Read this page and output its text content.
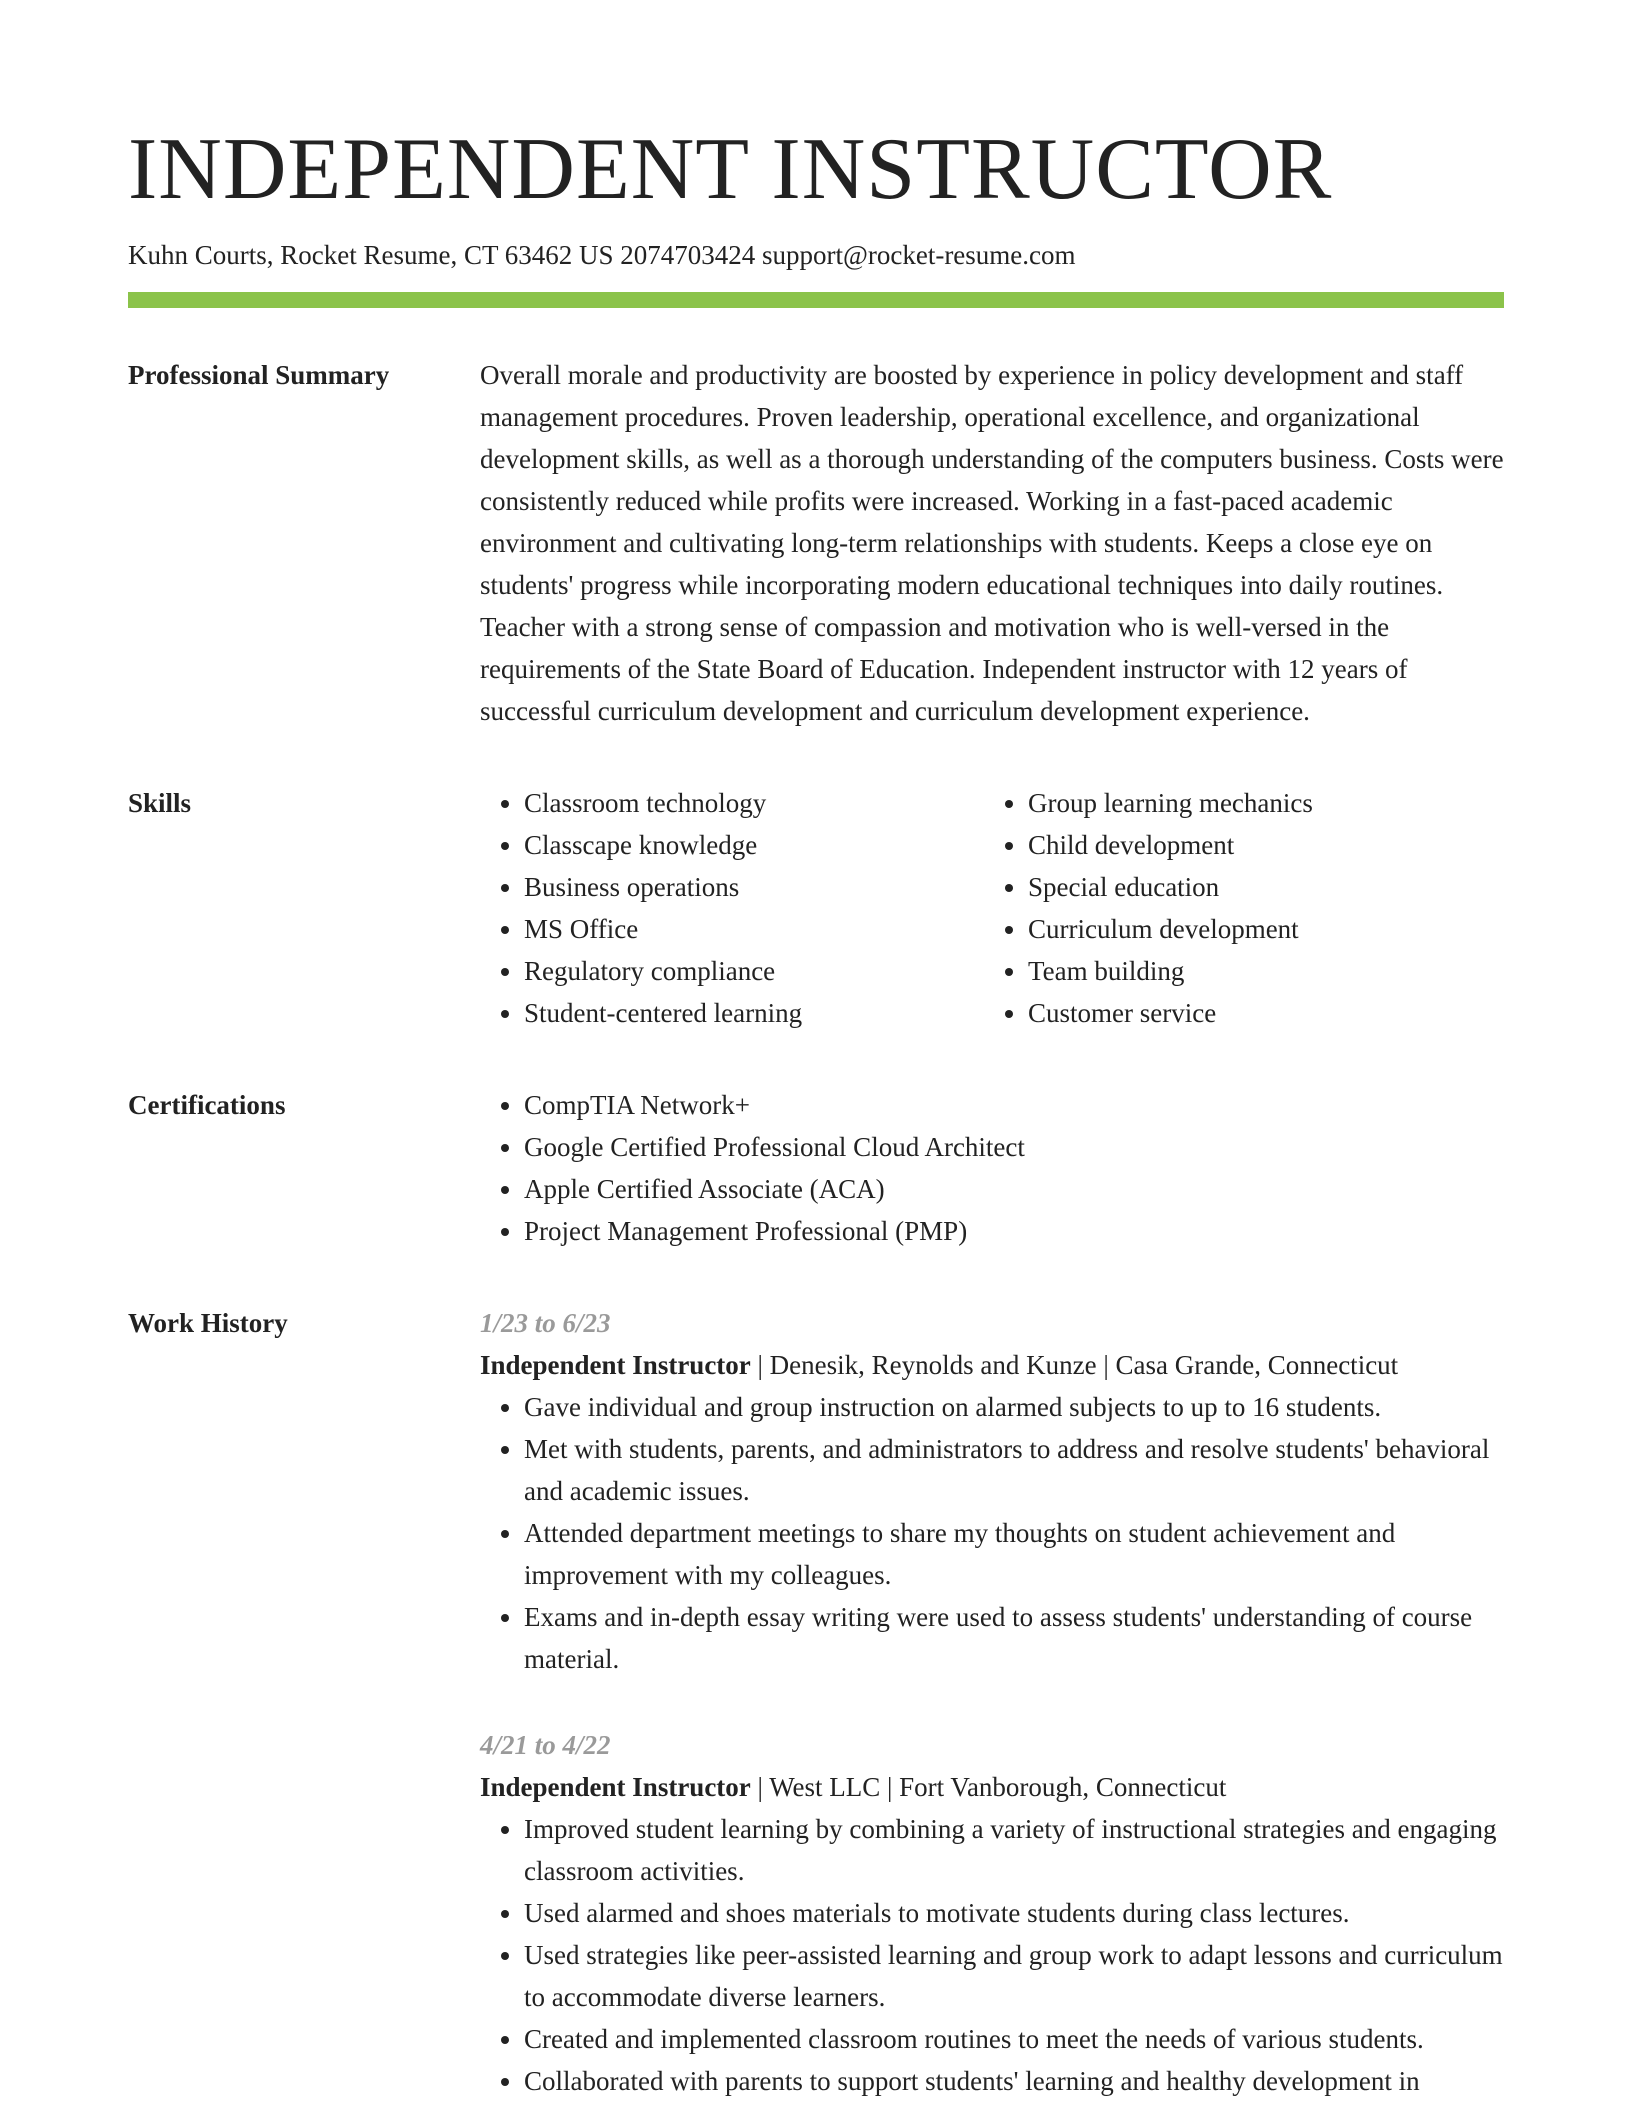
INDEPENDENT INSTRUCTOR
Kuhn Courts, Rocket Resume, CT 63462 US 2074703424 support@rocket-resume.com
Professional Summary	Overall morale and productivity are boosted by experience in policy development and staff management procedures. Proven leadership, operational excellence, and organizational development skills, as well as a thorough understanding of the computers business. Costs were consistently reduced while profits were increased. Working in a fast-paced academic environment and cultivating long-term relationships with students. Keeps a close eye on students' progress while incorporating modern educational techniques into daily routines. Teacher with a strong sense of compassion and motivation who is well-versed in the requirements of the State Board of Education. Independent instructor with 12 years of successful curriculum development and curriculum development experience.

Skills	• Classroom technology
• Classcape knowledge
• Business operations
• MS Office
• Regulatory compliance
• Student-centered learning
• Group learning mechanics
• Child development
• Special education
• Curriculum development
• Team building
• Customer service
Certifications	• CompTIA Network+
• Google Certified Professional Cloud Architect
• Apple Certified Associate (ACA)
• Project Management Professional (PMP)
Work History	1/23 to 6/23
Independent Instructor | Denesik, Reynolds and Kunze | Casa Grande, Connecticut
• Gave individual and group instruction on alarmed subjects to up to 16 students.
• Met with students, parents, and administrators to address and resolve students' behavioral and academic issues.
• Attended department meetings to share my thoughts on student achievement and improvement with my colleagues.
• Exams and in-depth essay writing were used to assess students' understanding of course material.
4/21 to 4/22
Independent Instructor | West LLC | Fort Vanborough, Connecticut
• Improved student learning by combining a variety of instructional strategies and engaging classroom activities.
• Used alarmed and shoes materials to motivate students during class lectures.
• Used strategies like peer-assisted learning and group work to adapt lessons and curriculum to accommodate diverse learners.
• Created and implemented classroom routines to meet the needs of various students.
• Collaborated with parents to support students' learning and healthy development in
